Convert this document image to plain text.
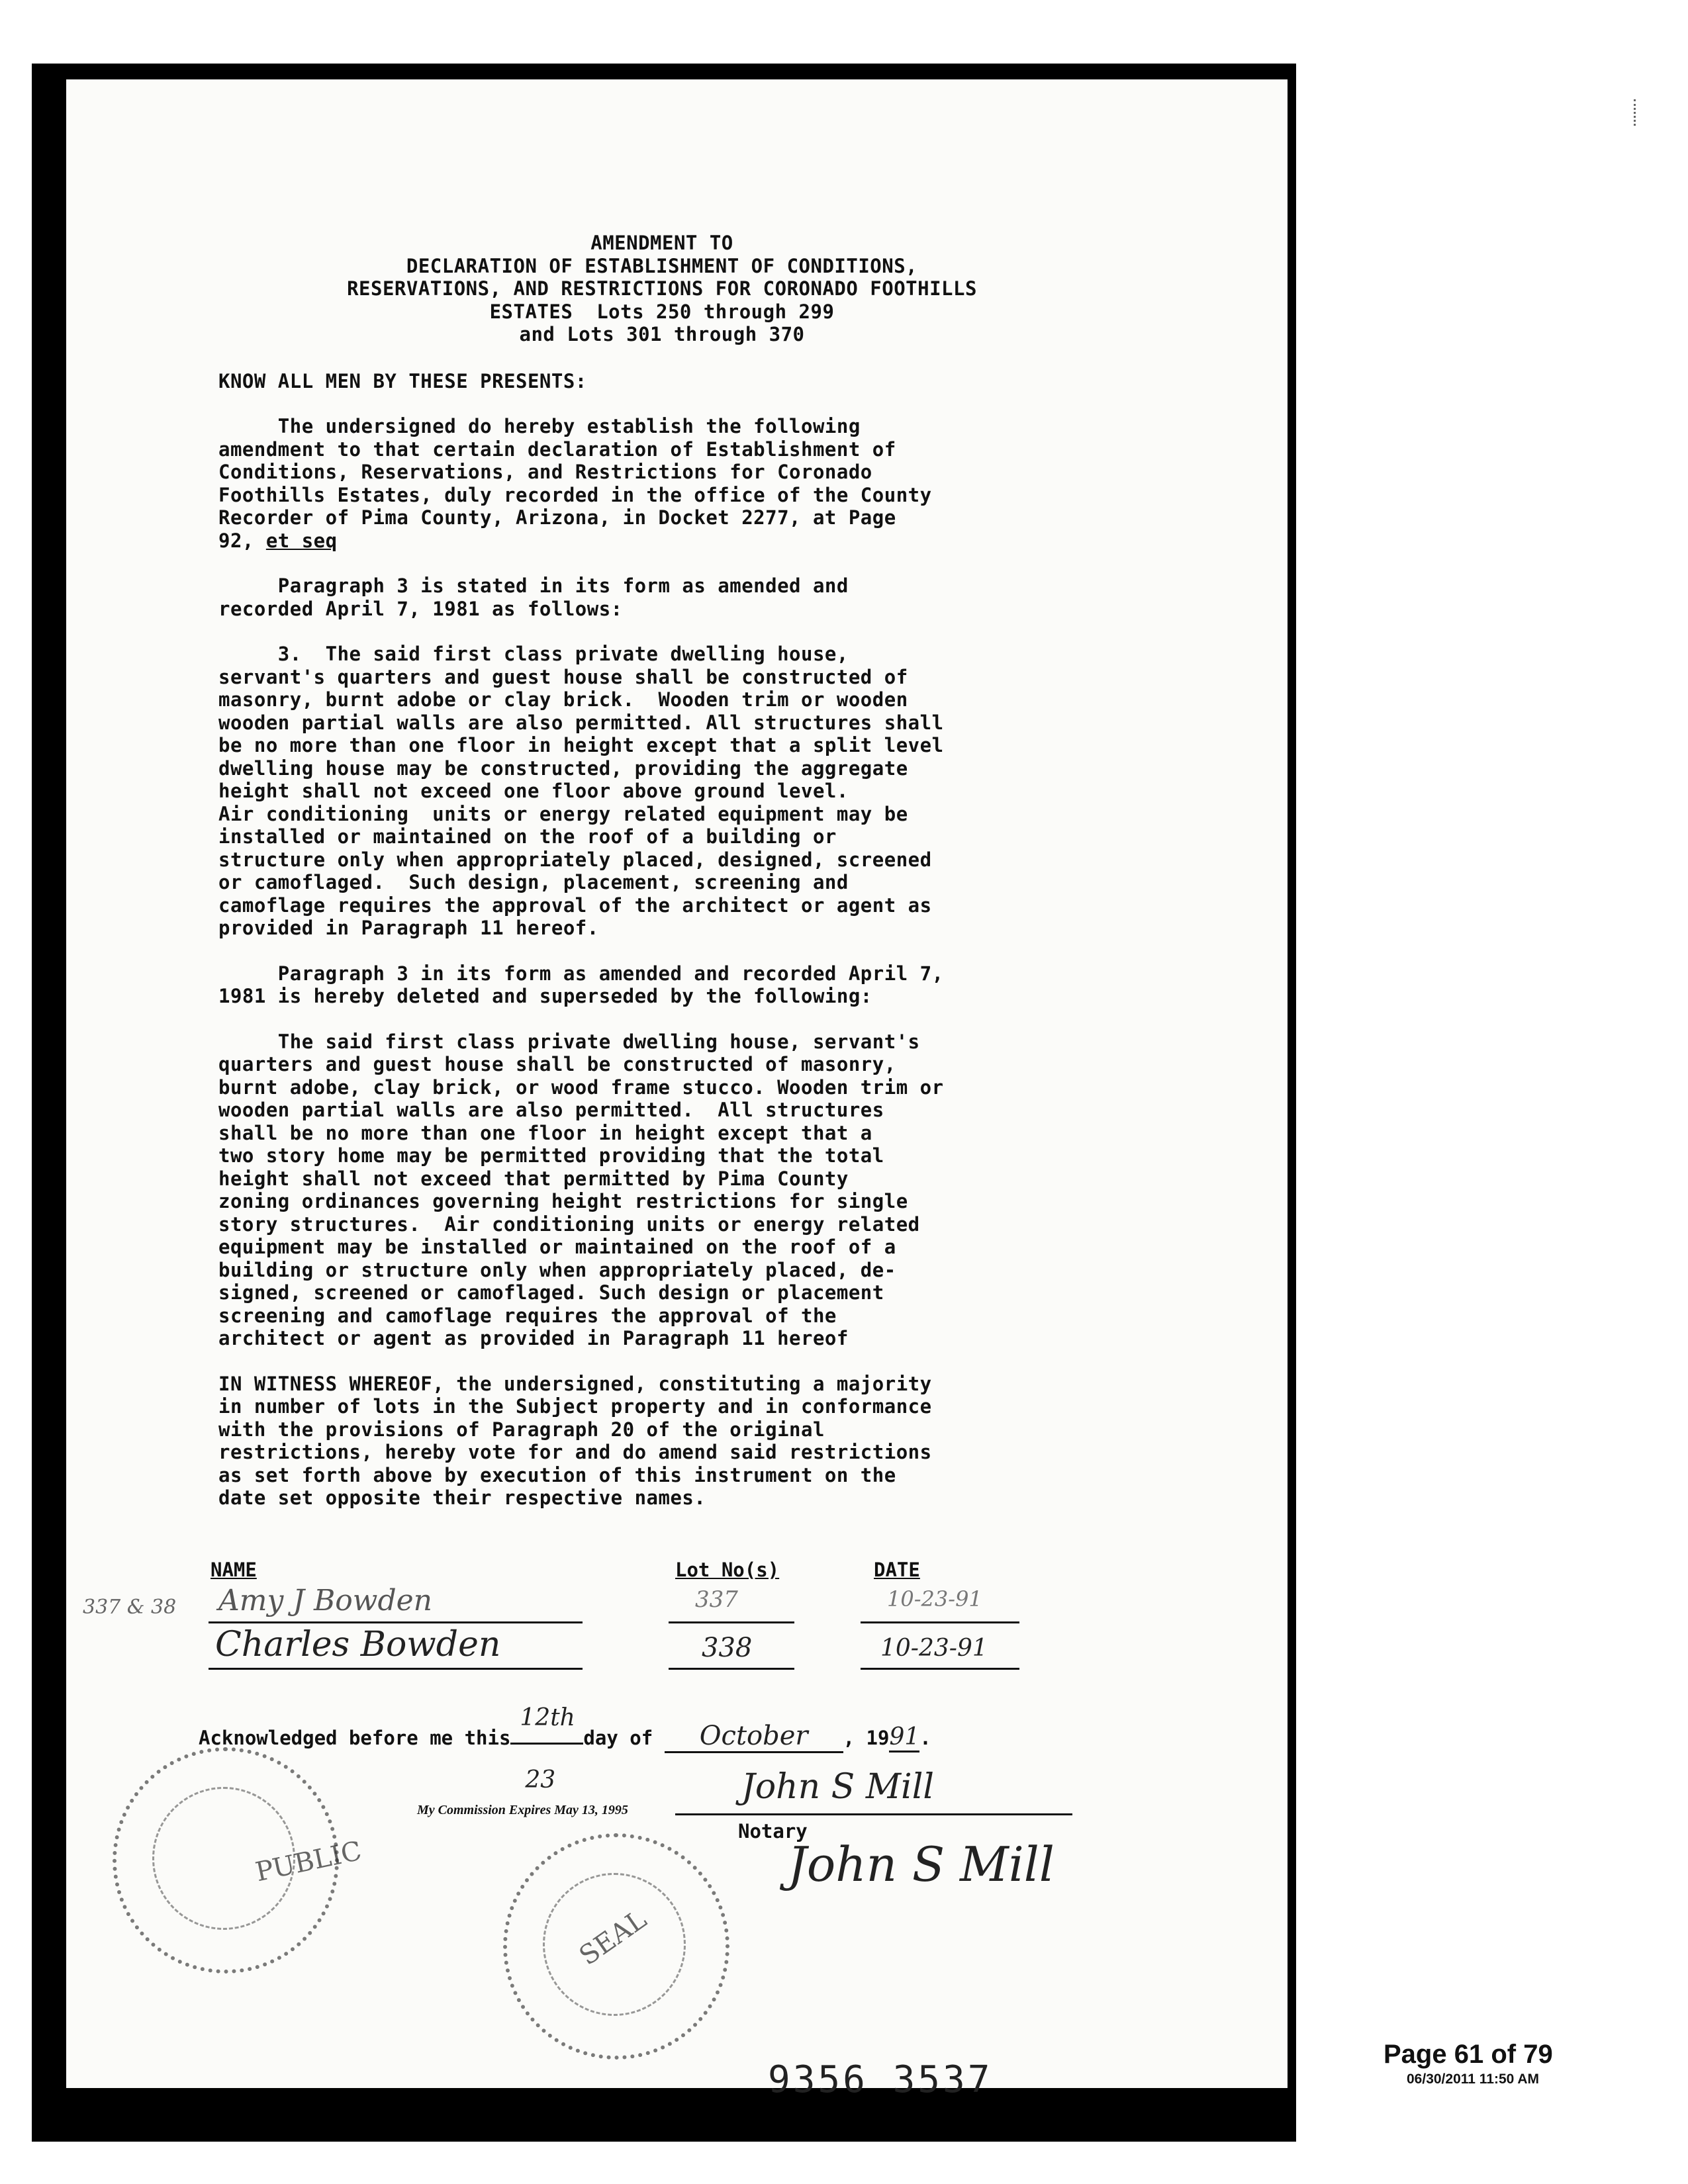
AMENDMENT TO
DECLARATION OF ESTABLISHMENT OF CONDITIONS,
RESERVATIONS, AND RESTRICTIONS FOR CORONADO FOOTHILLS
ESTATES  Lots 250 through 299
and Lots 301 through 370

KNOW ALL MEN BY THESE PRESENTS:

The undersigned do hereby establish the following

amendment to that certain declaration of Establishment of

Conditions, Reservations, and Restrictions for Coronado

Foothills Estates, duly recorded in the office of the County

Recorder of Pima County, Arizona, in Docket 2277, at Page

92, et seq

Paragraph 3 is stated in its form as amended and

recorded April 7, 1981 as follows:

3.  The said first class private dwelling house,

servant's quarters and guest house shall be constructed of

masonry, burnt adobe or clay brick.  Wooden trim or wooden

wooden partial walls are also permitted. All structures shall

be no more than one floor in height except that a split level

dwelling house may be constructed, providing the aggregate

height shall not exceed one floor above ground level.

Air conditioning  units or energy related equipment may be

installed or maintained on the roof of a building or

structure only when appropriately placed, designed, screened

or camoflaged.  Such design, placement, screening and

camoflage requires the approval of the architect or agent as

provided in Paragraph 11 hereof.

Paragraph 3 in its form as amended and recorded April 7,

1981 is hereby deleted and superseded by the following:

The said first class private dwelling house, servant's

quarters and guest house shall be constructed of masonry,

burnt adobe, clay brick, or wood frame stucco. Wooden trim or

wooden partial walls are also permitted.  All structures

shall be no more than one floor in height except that a

two story home may be permitted providing that the total

height shall not exceed that permitted by Pima County

zoning ordinances governing height restrictions for single

story structures.  Air conditioning units or energy related

equipment may be installed or maintained on the roof of a

building or structure only when appropriately placed, de-

signed, screened or camoflaged. Such design or placement

screening and camoflage requires the approval of the

architect or agent as provided in Paragraph 11 hereof

IN WITNESS WHEREOF, the undersigned, constituting a majority

in number of lots in the Subject property and in conformance

with the provisions of Paragraph 20 of the original

restrictions, hereby vote for and do amend said restrictions

as set forth above by execution of this instrument on the

date set opposite their respective names.

NAME	Lot No(s)	DATE
337 & 38 Amy J Bowden	337	10-23-91
Charles Bowden	338	10-23-91
Acknowledged before me this
12th
23
day of October , 1991.
My Commission Expires May 13, 1995
John S Mill
Notary
John S Mill
PUBLIC
SEAL
9356 3537
Page 61 of 79
06/30/2011 11:50 AM
